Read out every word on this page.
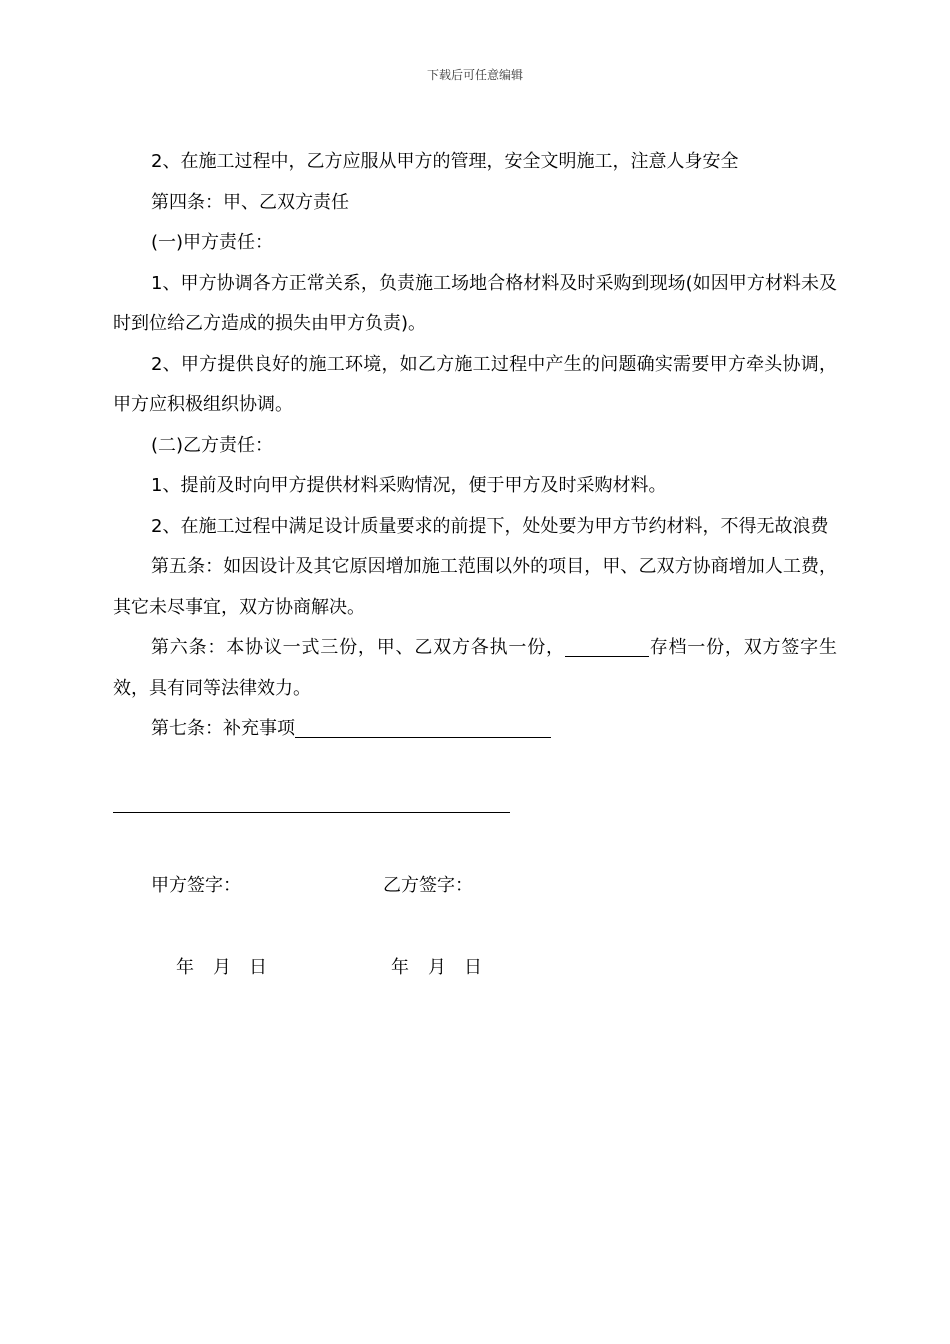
下载后可任意编辑

2、在施工过程中，乙方应服从甲方的管理，安全文明施工，注意人身安全

第四条：甲、乙双方责任

(一)甲方责任：

1、甲方协调各方正常关系，负责施工场地合格材料及时采购到现场(如因甲方材料未及时到位给乙方造成的损失由甲方负责)。

2、甲方提供良好的施工环境，如乙方施工过程中产生的问题确实需要甲方牵头协调，甲方应积极组织协调。

(二)乙方责任：

1、提前及时向甲方提供材料采购情况，便于甲方及时采购材料。

2、在施工过程中满足设计质量要求的前提下，处处要为甲方节约材料，不得无故浪费

第五条：如因设计及其它原因增加施工范围以外的项目，甲、乙双方协商增加人工费，其它未尽事宜，双方协商解决。

第六条：本协议一式三份，甲、乙双方各执一份，	存档一份，双方签字生效，具有同等法律效力。

第七条：补充事项

甲方签字：	乙方签字：
年 月 日	年 月 日
